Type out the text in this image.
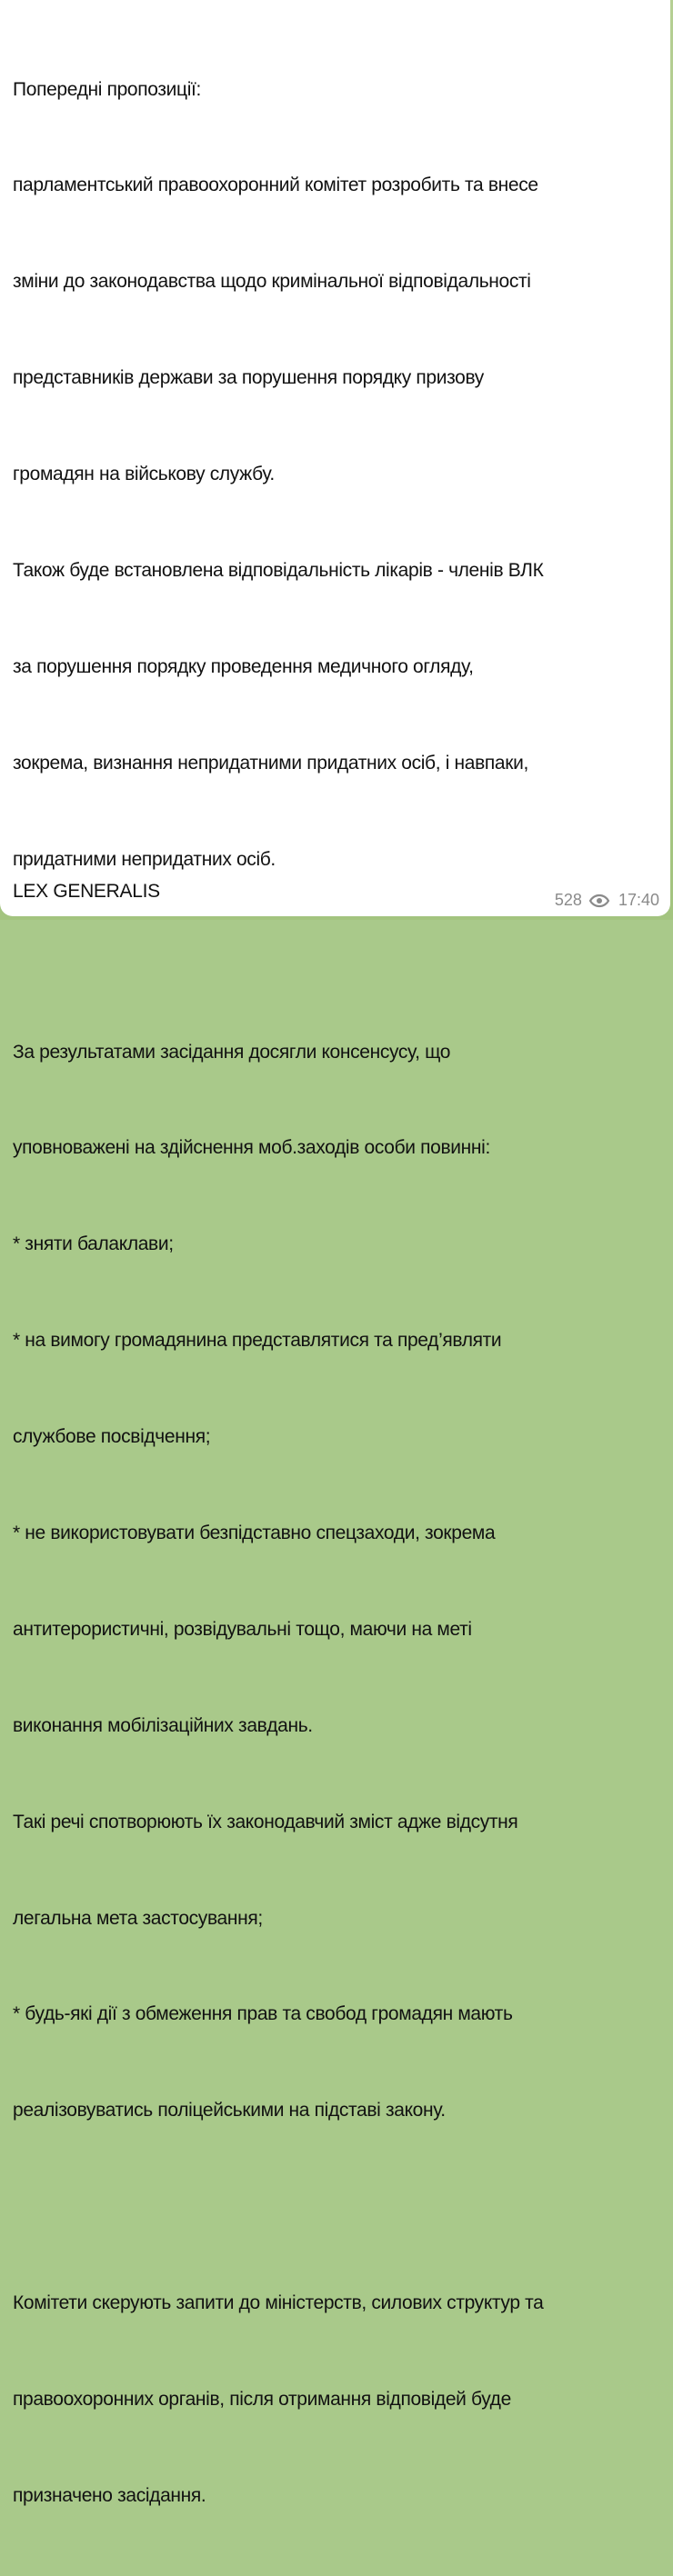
Попередні пропозиції:

парламентський правоохоронний комітет розробить та внесе

зміни до законодавства щодо кримінальної відповідальності

представників держави за порушення порядку призову

громадян на військову службу.

Також буде встановлена відповідальність лікарів - членів ВЛК

за порушення порядку проведення медичного огляду,

зокрема, визнання непридатними придатних осіб, і навпаки,

придатними непридатних осіб.

За результатами засідання досягли консенсусу, що

уповноважені на здійснення моб.заходів особи повинні:

* зняти балаклави;

* на вимогу громадянина представлятися та пред’являти

службове посвідчення;

* не використовувати безпідставно спецзаходи, зокрема

антитерористичні, розвідувальні тощо, маючи на меті

виконання мобілізаційних завдань.

Такі речі спотворюють їх законодавчий зміст адже відсутня

легальна мета застосування;

* будь-які дії з обмеження прав та свобод громадян мають

реалізовуватись поліцейськими на підставі закону.

Комітети скерують запити до міністерств, силових структур та

правоохоронних органів, після отримання відповідей буде

призначено засідання.

LEX GENERALIS	528 17:40
